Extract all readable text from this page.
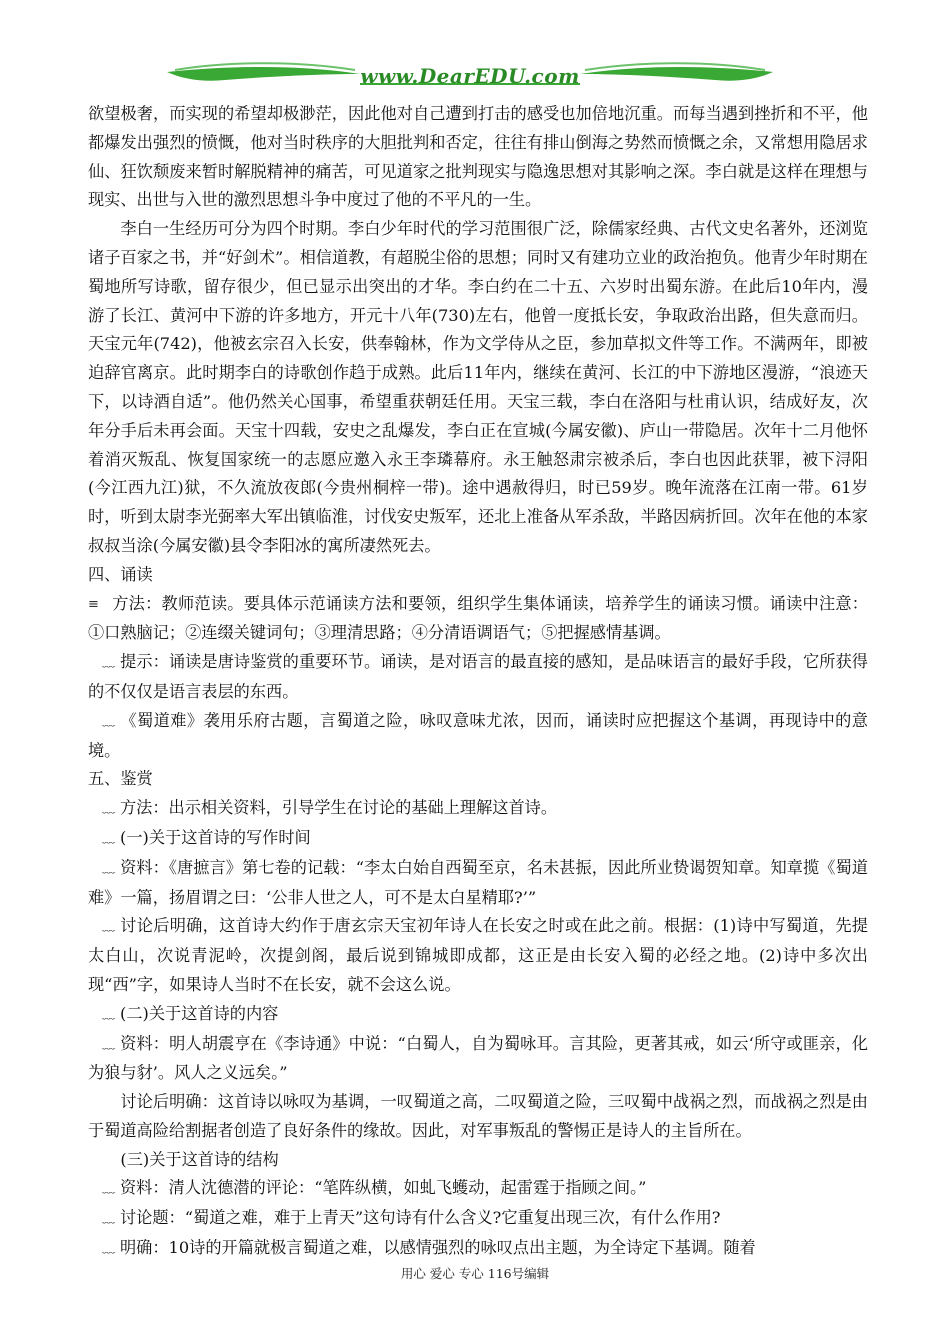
www.DearEDU.com

欲望极奢，而实现的希望却极渺茫，因此他对自己遭到打击的感受也加倍地沉重。而每当遇到挫折和不平，他都爆发出强烈的愤慨，他对当时秩序的大胆批判和否定，往往有排山倒海之势然而愤慨之余，又常想用隐居求仙、狂饮颓废来暂时解脱精神的痛苦，可见道家之批判现实与隐逸思想对其影响之深。李白就是这样在理想与现实、出世与入世的激烈思想斗争中度过了他的不平凡的一生。

李白一生经历可分为四个时期。李白少年时代的学习范围很广泛，除儒家经典、古代文史名著外，还浏览诸子百家之书，并“好剑术”。相信道教，有超脱尘俗的思想；同时又有建功立业的政治抱负。他青少年时期在蜀地所写诗歌，留存很少，但已显示出突出的才华。李白约在二十五、六岁时出蜀东游。在此后10年内，漫游了长江、黄河中下游的许多地方，开元十八年(730)左右，他曾一度抵长安，争取政治出路，但失意而归。天宝元年(742)，他被玄宗召入长安，供奉翰林，作为文学侍从之臣，参加草拟文件等工作。不满两年，即被迫辞官离京。此时期李白的诗歌创作趋于成熟。此后11年内，继续在黄河、长江的中下游地区漫游，“浪迹天下，以诗酒自适”。他仍然关心国事，希望重获朝廷任用。天宝三载，李白在洛阳与杜甫认识，结成好友，次年分手后未再会面。天宝十四载，安史之乱爆发，李白正在宣城(今属安徽)、庐山一带隐居。次年十二月他怀着消灭叛乱、恢复国家统一的志愿应邀入永王李璘幕府。永王触怒肃宗被杀后，李白也因此获罪，被下浔阳(今江西九江)狱，不久流放夜郎(今贵州桐梓一带)。途中遇赦得归，时已59岁。晚年流落在江南一带。61岁时，听到太尉李光弼率大军出镇临淮，讨伐安史叛军，还北上准备从军杀敌，半路因病折回。次年在他的本家叔叔当涂(今属安徽)县令李阳冰的寓所凄然死去。

四、诵读

≡ 方法：教师范读。要具体示范诵读方法和要领，组织学生集体诵读，培养学生的诵读习惯。诵读中注意：①口熟脑记；②连缀关键词句；③理清思路；④分清语调语气；⑤把握感情基调。

﹏ 提示：诵读是唐诗鉴赏的重要环节。诵读，是对语言的最直接的感知，是品味语言的最好手段，它所获得的不仅仅是语言表层的东西。

﹏ 《蜀道难》袭用乐府古题，言蜀道之险，咏叹意味尤浓，因而，诵读时应把握这个基调，再现诗中的意境。

五、鉴赏

﹏ 方法：出示相关资料，引导学生在讨论的基础上理解这首诗。

﹏ (一)关于这首诗的写作时间

﹏ 资料：《唐摭言》第七卷的记载：“李太白始自西蜀至京，名未甚振，因此所业贽谒贺知章。知章揽《蜀道难》一篇，扬眉谓之曰：‘公非人世之人，可不是太白星精耶?’”

﹏ 讨论后明确，这首诗大约作于唐玄宗天宝初年诗人在长安之时或在此之前。根据：(1)诗中写蜀道，先提太白山，次说青泥岭，次提剑阁，最后说到锦城即成都，这正是由长安入蜀的必经之地。(2)诗中多次出现“西”字，如果诗人当时不在长安，就不会这么说。

﹏ (二)关于这首诗的内容

﹏ 资料：明人胡震亨在《李诗通》中说：“白蜀人，自为蜀咏耳。言其险，更著其戒，如云‘所守或匪亲，化为狼与豺’。风人之义远矣。”

讨论后明确：这首诗以咏叹为基调，一叹蜀道之高，二叹蜀道之险，三叹蜀中战祸之烈，而战祸之烈是由于蜀道高险给割据者创造了良好条件的缘故。因此，对军事叛乱的警惕正是诗人的主旨所在。

(三)关于这首诗的结构

﹏ 资料：清人沈德潜的评论：“笔阵纵横，如虬飞蠖动，起雷霆于指顾之间。”

﹏ 讨论题：“蜀道之难，难于上青天”这句诗有什么含义?它重复出现三次，有什么作用?

﹏ 明确：10诗的开篇就极言蜀道之难，以感情强烈的咏叹点出主题，为全诗定下基调。随着

用心 爱心 专心 116号编辑
